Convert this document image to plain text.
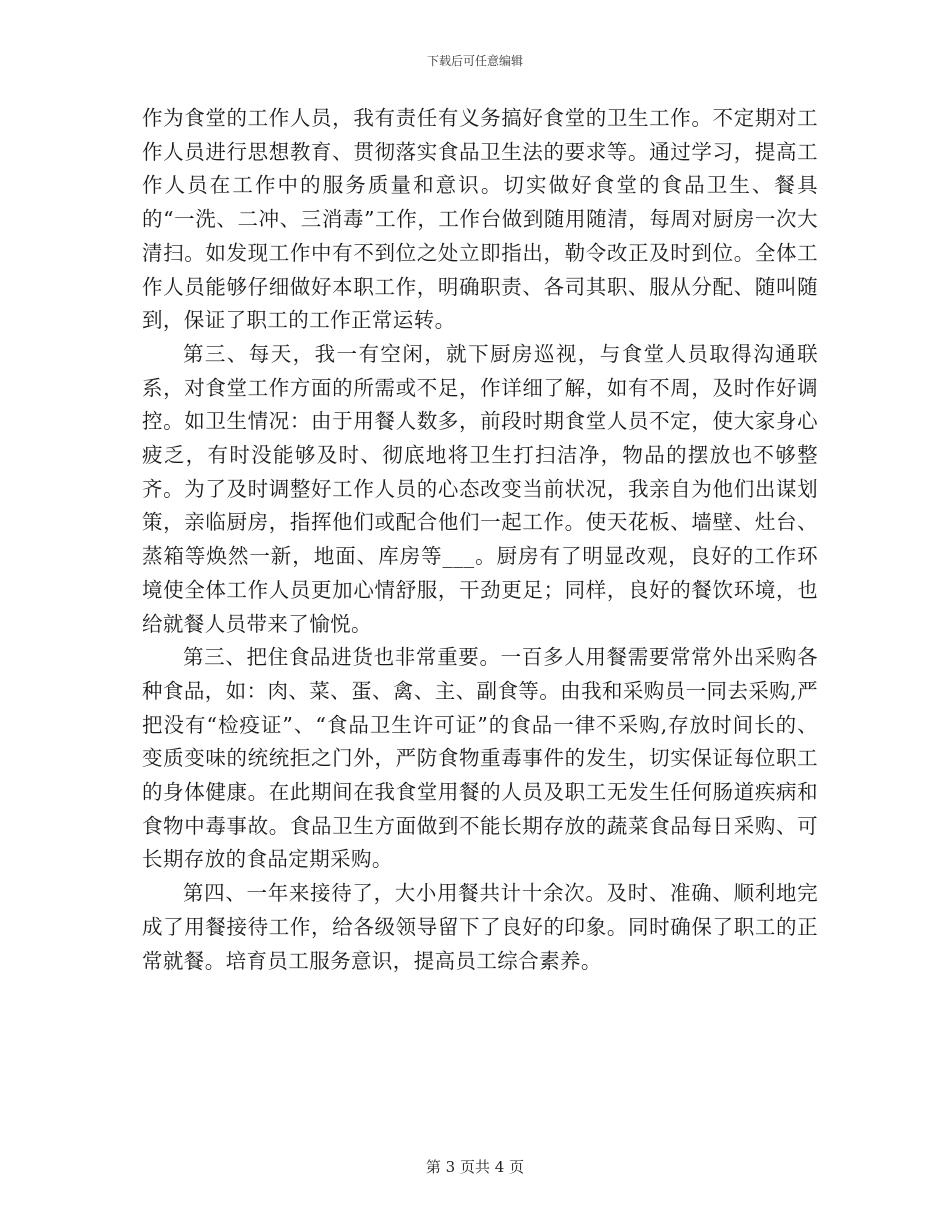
下载后可任意编辑

作为食堂的工作人员，我有责任有义务搞好食堂的卫生工作。不定期对工作人员进行思想教育、贯彻落实食品卫生法的要求等。通过学习，提高工作人员在工作中的服务质量和意识。切实做好食堂的食品卫生、餐具的“一洗、二冲、三消毒”工作，工作台做到随用随清，每周对厨房一次大清扫。如发现工作中有不到位之处立即指出，勒令改正及时到位。全体工作人员能够仔细做好本职工作，明确职责、各司其职、服从分配、随叫随到，保证了职工的工作正常运转。

第三、每天，我一有空闲，就下厨房巡视，与食堂人员取得沟通联系，对食堂工作方面的所需或不足，作详细了解，如有不周，及时作好调控。如卫生情况：由于用餐人数多，前段时期食堂人员不定，使大家身心疲乏，有时没能够及时、彻底地将卫生打扫洁净，物品的摆放也不够整齐。为了及时调整好工作人员的心态改变当前状况，我亲自为他们出谋划策，亲临厨房，指挥他们或配合他们一起工作。使天花板、墙壁、灶台、蒸箱等焕然一新，地面、库房等___。厨房有了明显改观，良好的工作环境使全体工作人员更加心情舒服，干劲更足；同样，良好的餐饮环境，也给就餐人员带来了愉悦。

第三、把住食品进货也非常重要。一百多人用餐需要常常外出采购各种食品，如：肉、菜、蛋、禽、主、副食等。由我和采购员一同去采购,严把没有“检疫证”、“食品卫生许可证”的食品一律不采购,存放时间长的、变质变味的统统拒之门外，严防食物重毒事件的发生，切实保证每位职工的身体健康。在此期间在我食堂用餐的人员及职工无发生任何肠道疾病和食物中毒事故。食品卫生方面做到不能长期存放的蔬菜食品每日采购、可长期存放的食品定期采购。

第四、一年来接待了，大小用餐共计十余次。及时、准确、顺利地完成了用餐接待工作，给各级领导留下了良好的印象。同时确保了职工的正常就餐。培育员工服务意识，提高员工综合素养。

第 3 页共 4 页
